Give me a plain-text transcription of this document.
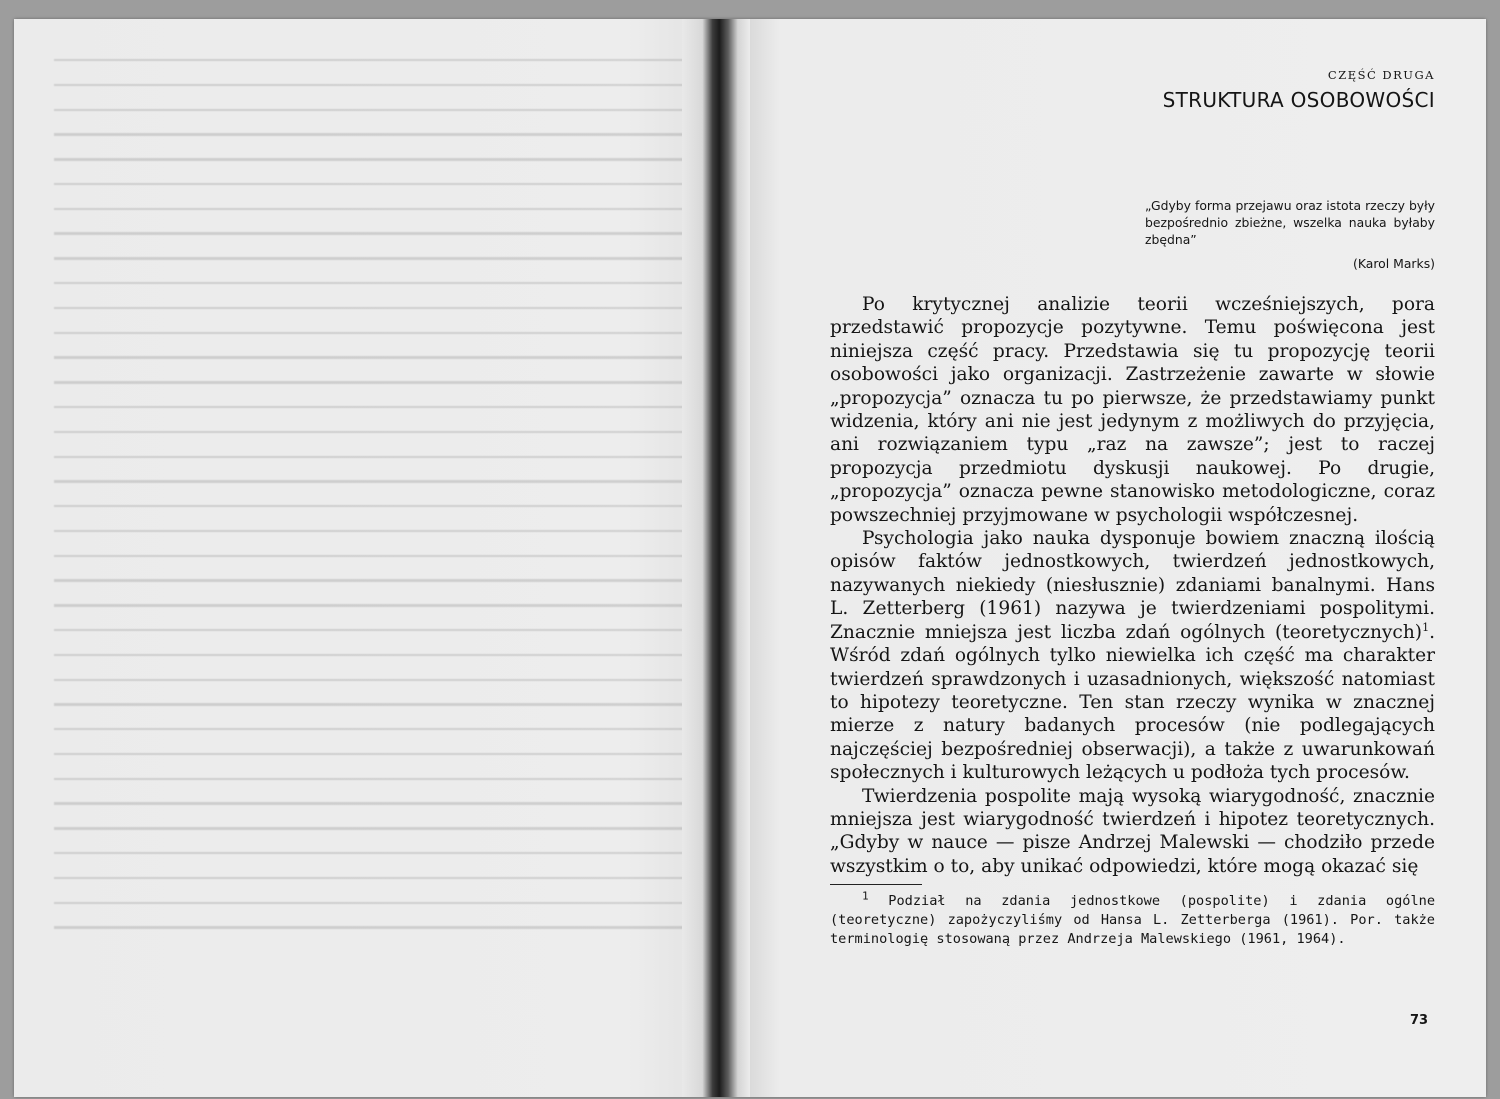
CZĘŚĆ DRUGA
STRUKTURA OSOBOWOŚCI
„Gdyby forma przejawu oraz istota rzeczy były bezpośrednio zbieżne, wszelka nauka byłaby zbędna”
(Karol Marks)

Po krytycznej analizie teorii wcześniejszych, pora przedstawić propozycje pozytywne. Temu poświęcona jest niniejsza część pracy. Przedstawia się tu propozycję teorii osobowości jako organizacji. Zastrzeżenie zawarte w słowie „propozycja” oznacza tu po pierwsze, że przedstawiamy punkt widzenia, który ani nie jest jedynym z możliwych do przyjęcia, ani rozwiązaniem typu „raz na zawsze”; jest to raczej propozycja przedmiotu dyskusji naukowej. Po drugie, „propozycja” oznacza pewne stanowisko metodologiczne, coraz powszechniej przyjmowane w psychologii współczesnej.

Psychologia jako nauka dysponuje bowiem znaczną ilością opisów faktów jednostkowych, twierdzeń jednostkowych, nazywanych niekiedy (niesłusznie) zdaniami banalnymi. Hans L. Zetterberg (1961) nazywa je twierdzeniami pospolitymi. Znacznie mniejsza jest liczba zdań ogólnych (teoretycznych)$^1$. Wśród zdań ogólnych tylko niewielka ich część ma charakter twierdzeń sprawdzonych i uzasadnionych, większość natomiast to hipotezy teoretyczne. Ten stan rzeczy wynika w znacznej mierze z natury badanych procesów (nie podlegających najczęściej bezpośredniej obserwacji), a także z uwarunkowań społecznych i kulturowych leżących u podłoża tych procesów.

Twierdzenia pospolite mają wysoką wiarygodność, znacznie mniejsza jest wiarygodność twierdzeń i hipotez teoretycznych. „Gdyby w nauce — pisze Andrzej Malewski — chodziło przede wszystkim o to, aby unikać odpowiedzi, które mogą okazać się

$^1$ Podział na zdania jednostkowe (pospolite) i zdania ogólne (teoretyczne) zapożyczyliśmy od Hansa L. Zetterberga (1961). Por. także terminologię stosowaną przez Andrzeja Malewskiego (1961, 1964).

73
